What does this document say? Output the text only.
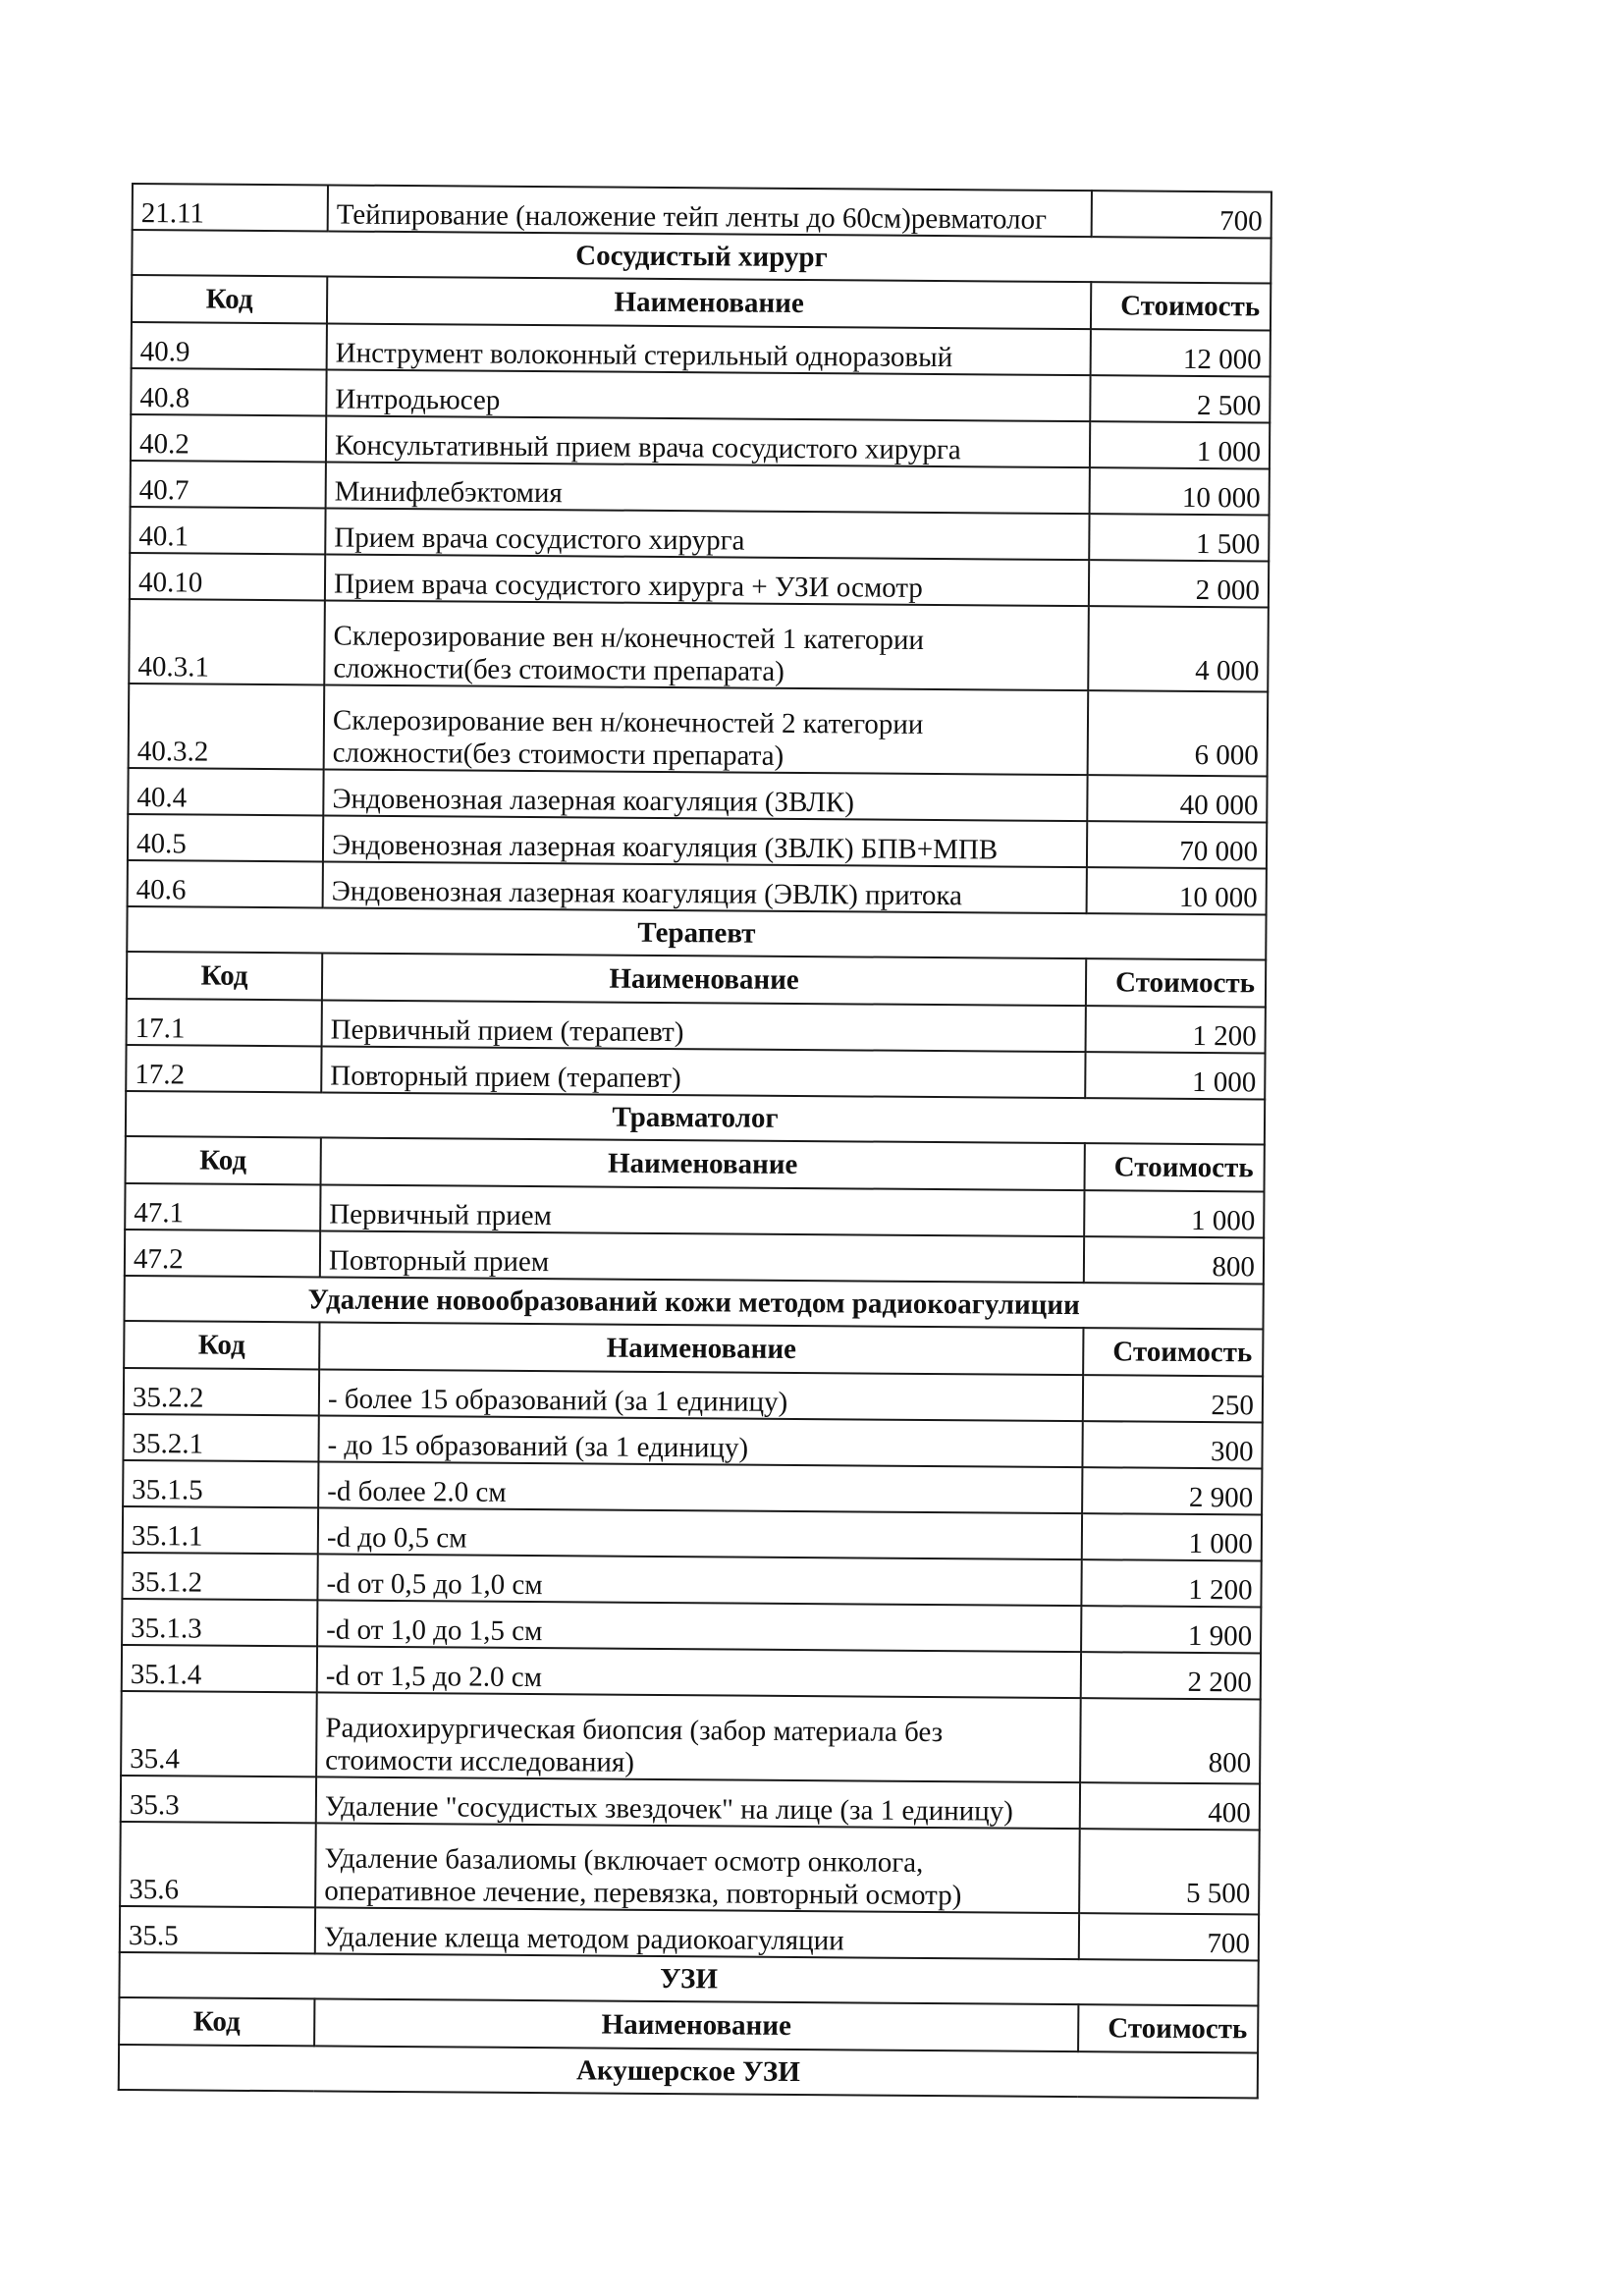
21.11	Тейпирование (наложение тейп ленты до 60см)ревматолог	700
Сосудистый хирург		
Код	Наименование	Стоимость
40.9	Инструмент волоконный стерильный одноразовый	12 000
40.8	Интродьюсер	2 500
40.2	Консультативный прием врача сосудистого хирурга	1 000
40.7	Минифлебэктомия	10 000
40.1	Прием врача сосудистого хирурга	1 500
40.10	Прием врача сосудистого хирурга + УЗИ осмотр	2 000
40.3.1	Склерозирование вен н/конечностей 1 категории сложности(без стоимости препарата)	4 000
40.3.2	Склерозирование вен н/конечностей 2 категории сложности(без стоимости препарата)	6 000
40.4	Эндовенозная лазерная коагуляция (ЗВЛК)	40 000
40.5	Эндовенозная лазерная коагуляция (ЗВЛК) БПВ+МПВ	70 000
40.6	Эндовенозная лазерная коагуляция (ЭВЛК) притока	10 000
Терапевт		
Код	Наименование	Стоимость
17.1	Первичный прием (терапевт)	1 200
17.2	Повторный прием (терапевт)	1 000
Травматолог		
Код	Наименование	Стоимость
47.1	Первичный прием	1 000
47.2	Повторный прием	800
Удаление новообразований кожи методом радиокоагулиции		
Код	Наименование	Стоимость
35.2.2	- более 15 образований (за 1 единицу)	250
35.2.1	- до 15 образований (за 1 единицу)	300
35.1.5	-d более 2.0 см	2 900
35.1.1	-d до 0,5 см	1 000
35.1.2	-d от 0,5 до 1,0 см	1 200
35.1.3	-d от 1,0 до 1,5 см	1 900
35.1.4	-d от 1,5 до 2.0 см	2 200
35.4	Радиохирургическая биопсия (забор материала без стоимости исследования)	800
35.3	Удаление "сосудистых звездочек" на лице (за 1 единицу)	400
35.6	Удаление базалиомы (включает осмотр онколога, оперативное лечение, перевязка, повторный осмотр)	5 500
35.5	Удаление клеща методом радиокоагуляции	700
УЗИ		
Код	Наименование	Стоимость
Акушерское УЗИ		
